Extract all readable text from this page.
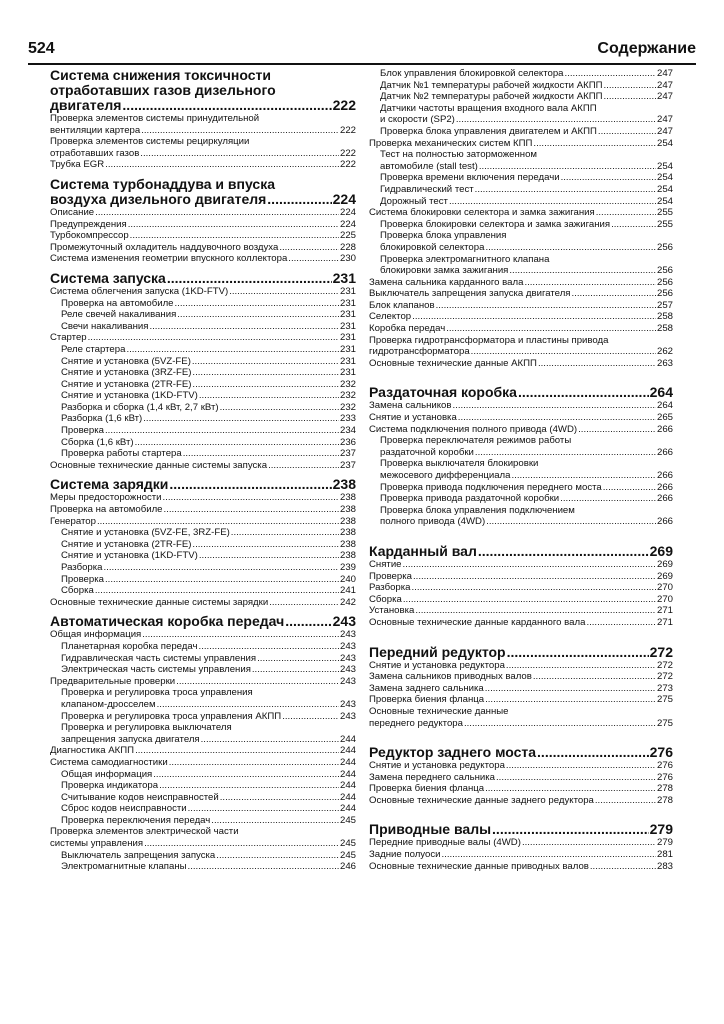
524	Содержание
Система снижения токсичности
отработавших газов дизельного
двигателя .....	222
Проверка элементов системы принудительной
вентиляции картера .....	222
Проверка элементов системы рециркуляции
отработавших газов .....	222
Трубка EGR .....	222
Система турбонаддува и впуска
воздуха дизельного двигателя .....	224
Описание .....	224
Предупреждения .....	224
Турбокомпрессор .....	225
Промежуточный охладитель наддувочного воздуха .....	228
Система изменения геометрии впускного коллектора .....	230
Система запуска .....	231
Система облегчения запуска (1KD-FTV) .....	231
Проверка на автомобиле .....	231
Реле свечей накаливания .....	231
Свечи накаливания .....	231
Стартер .....	231
Реле стартера .....	231
Снятие и установка (5VZ-FE) .....	231
Снятие и установка (3RZ-FE) .....	231
Снятие и установка (2TR-FE) .....	232
Снятие и установка (1KD-FTV) .....	232
Разборка и сборка (1,4 кВт, 2,7 кВт) .....	232
Разборка (1,6 кВт) .....	233
Проверка .....	234
Сборка (1,6 кВт) .....	236
Проверка работы стартера .....	237
Основные технические данные системы запуска .....	237
Система зарядки .....	238
Меры предосторожности .....	238
Проверка на автомобиле .....	238
Генератор .....	238
Снятие и установка (5VZ-FE, 3RZ-FE) .....	238
Снятие и установка (2TR-FE) .....	238
Снятие и установка (1KD-FTV) .....	238
Разборка .....	239
Проверка .....	240
Сборка .....	241
Основные технические данные системы зарядки .....	242
Автоматическая коробка передач .....	243
Общая информация .....	243
Планетарная коробка передач .....	243
Гидравлическая часть системы управления .....	243
Электрическая часть системы управления .....	243
Предварительные проверки .....	243
Проверка и регулировка троса управления
клапаном-дросселем .....	243
Проверка и регулировка троса управления АКПП .....	243
Проверка и регулировка выключателя
запрещения запуска двигателя .....	244
Диагностика АКПП .....	244
Система самодиагностики .....	244
Общая информация .....	244
Проверка индикатора .....	244
Считывание кодов неисправностей .....	244
Сброс кодов неисправности .....	244
Проверка переключения передач .....	245
Проверка элементов электрической части
системы управления .....	245
Выключатель запрещения запуска .....	245
Электромагнитные клапаны .....	246
Блок управления блокировкой селектора .....	247
Датчик №1 температуры рабочей жидкости АКПП .....	247
Датчик №2 температуры рабочей жидкости АКПП .....	247
Датчики частоты вращения входного вала АКПП
и скорости (SP2) .....	247
Проверка блока управления двигателем и АКПП .....	247
Проверка механических систем КПП .....	254
Тест на полностью заторможенном
автомобиле (stall test) .....	254
Проверка времени включения передачи .....	254
Гидравлический тест .....	254
Дорожный тест .....	254
Система блокировки селектора и замка зажигания .....	255
Проверка блокировки селектора и замка зажигания .....	255
Проверка блока управления
блокировкой селектора .....	256
Проверка электромагнитного клапана
блокировки замка зажигания .....	256
Замена сальника карданного вала .....	256
Выключатель запрещения запуска двигателя .....	256
Блок клапанов .....	257
Селектор .....	258
Коробка передач .....	258
Проверка гидротрансформатора и пластины привода
гидротрансформатора .....	262
Основные технические данные АКПП .....	263
Раздаточная коробка .....	264
Замена сальников .....	264
Снятие и установка .....	265
Система подключения полного привода (4WD) .....	266
Проверка переключателя режимов работы
раздаточной коробки .....	266
Проверка выключателя блокировки
межосевого дифференциала .....	266
Проверка привода подключения переднего моста .....	266
Проверка привода раздаточной коробки .....	266
Проверка блока управления подключением
полного привода (4WD) .....	266
Карданный вал .....	269
Снятие .....	269
Проверка .....	269
Разборка .....	270
Сборка .....	270
Установка .....	271
Основные технические данные карданного вала .....	271
Передний редуктор .....	272
Снятие и установка редуктора .....	272
Замена сальников приводных валов .....	272
Замена заднего сальника .....	273
Проверка биения фланца .....	275
Основные технические данные
переднего редуктора .....	275
Редуктор заднего моста .....	276
Снятие и установка редуктора .....	276
Замена переднего сальника .....	276
Проверка биения фланца .....	278
Основные технические данные заднего редуктора .....	278
Приводные валы .....	279
Передние приводные валы (4WD) .....	279
Задние полуоси .....	281
Основные технические данные приводных валов .....	283
